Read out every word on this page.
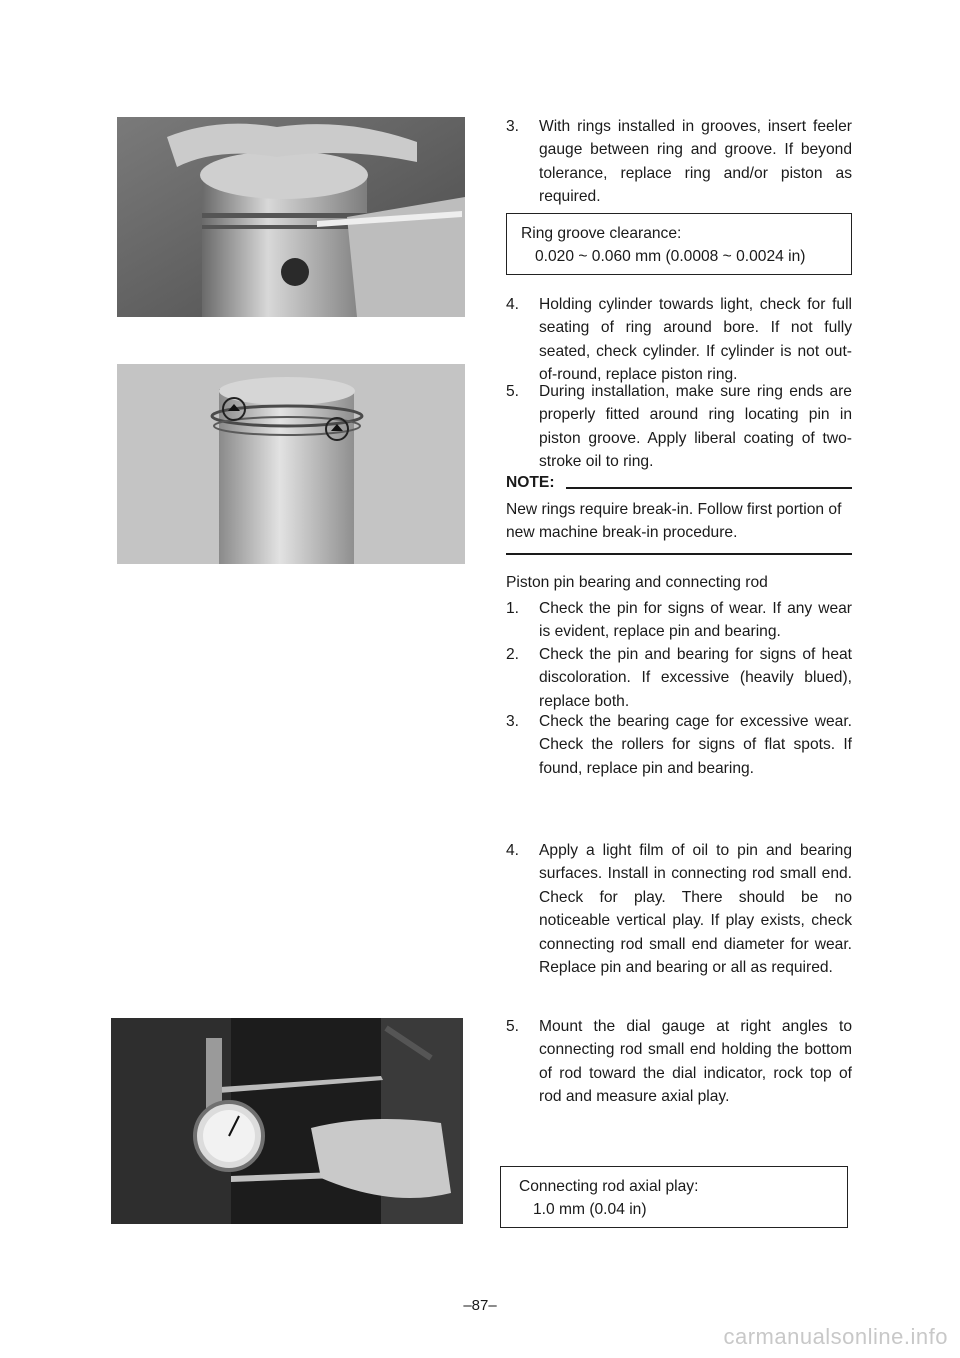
3. With rings installed in grooves, insert feeler gauge between ring and groove. If beyond tolerance, replace ring and/or piston as required.
Ring groove clearance:
0.020 ~ 0.060 mm (0.0008 ~ 0.0024 in)
4. Holding cylinder towards light, check for full seating of ring around bore. If not fully seated, check cylinder. If cylinder is not out-of-round, replace piston ring.
5. During installation, make sure ring ends are properly fitted around ring locating pin in piston groove. Apply liberal coating of two-stroke oil to ring.
NOTE:
New rings require break-in. Follow first portion of new machine break-in procedure.
Piston pin bearing and connecting rod
1. Check the pin for signs of wear. If any wear is evident, replace pin and bearing.
2. Check the pin and bearing for signs of heat discoloration. If excessive (heavily blued), replace both.
3. Check the bearing cage for excessive wear. Check the rollers for signs of flat spots. If found, replace pin and bearing.
4. Apply a light film of oil to pin and bearing surfaces. Install in connecting rod small end. Check for play. There should be no noticeable vertical play. If play exists, check connecting rod small end diameter for wear. Replace pin and bearing or all as required.
5. Mount the dial gauge at right angles to connecting rod small end holding the bottom of rod toward the dial indicator, rock top of rod and measure axial play.
Connecting rod axial play:
1.0 mm (0.04 in)
–87–
carmanualsonline.info
